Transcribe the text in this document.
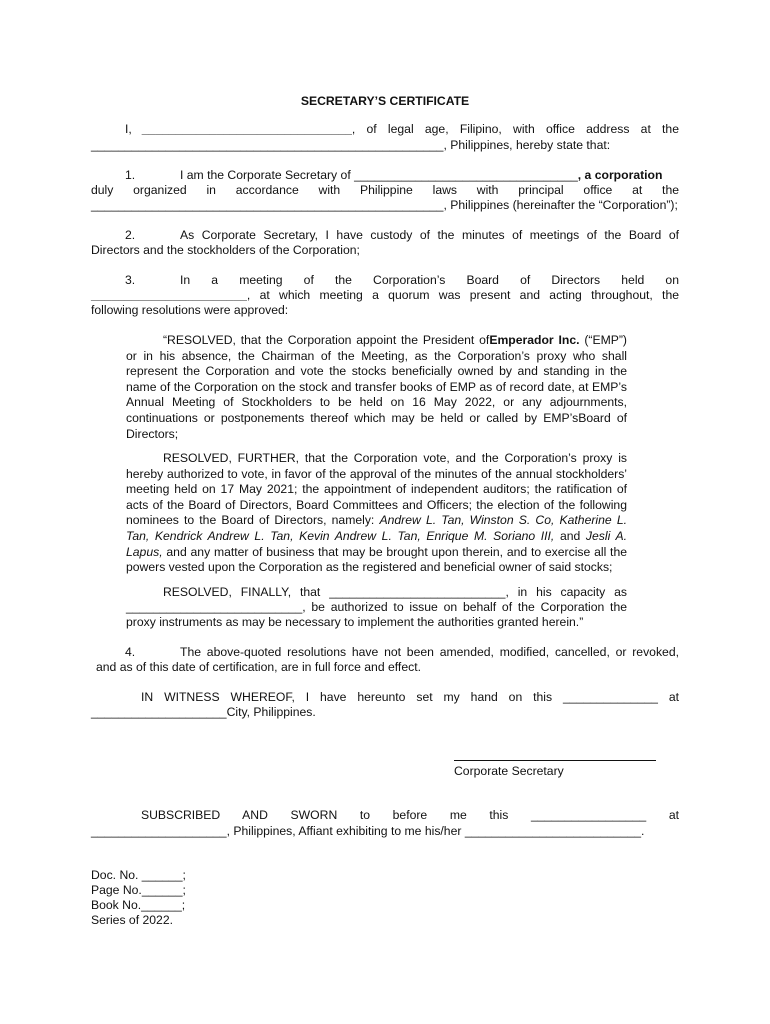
SECRETARY’S CERTIFICATE
I, _______________________________, of legal age, Filipino, with office address at the
____________________________________________________, Philippines, hereby state that:
1.	I am the Corporate Secretary of _________________________________, a corporation
duly organized in accordance with Philippine laws with principal office at the
____________________________________________________, Philippines (hereinafter the “Corporation”);
2.	As Corporate Secretary, I have custody of the minutes of meetings of the Board of
Directors and the stockholders of the Corporation;
3.	In a meeting of the Corporation’s Board of Directors held on
_______________________, at which meeting a quorum was present and acting throughout, the
following resolutions were approved:
“RESOLVED, that the Corporation appoint the President ofEmperador Inc. (“EMP”) or in his absence, the Chairman of the Meeting, as the Corporation’s proxy who shall represent the Corporation and vote the stocks beneficially owned by and standing in the name of the Corporation on the stock and transfer books of EMP as of record date, at EMP’s Annual Meeting of Stockholders to be held on 16 May 2022, or any adjournments, continuations or postponements thereof which may be held or called by EMP’sBoard of Directors;
RESOLVED, FURTHER, that the Corporation vote, and the Corporation’s proxy is hereby authorized to vote, in favor of the approval of the minutes of the annual stockholders’ meeting held on 17 May 2021; the appointment of independent auditors; the ratification of acts of the Board of Directors, Board Committees and Officers; the election of the following nominees to the Board of Directors, namely: Andrew L. Tan, Winston S. Co, Katherine L. Tan, Kendrick Andrew L. Tan, Kevin Andrew L. Tan, Enrique M. Soriano III, and Jesli A. Lapus, and any matter of business that may be brought upon therein, and to exercise all the powers vested upon the Corporation as the registered and beneficial owner of said stocks;
RESOLVED, FINALLY, that __________________________, in his capacity as
__________________________, be authorized to issue on behalf of the Corporation the
proxy instruments as may be necessary to implement the authorities granted herein.”
4.	The above-quoted resolutions have not been amended, modified, cancelled, or revoked,
and as of this date of certification, are in full force and effect.
IN WITNESS WHEREOF, I have hereunto set my hand on this ______________ at
____________________City, Philippines.
Corporate Secretary
SUBSCRIBED AND SWORN to before me this _________________ at
____________________, Philippines, Affiant exhibiting to me his/her __________________________.
Doc. No. ______;
Page No.______;
Book No.______;
Series of 2022.
